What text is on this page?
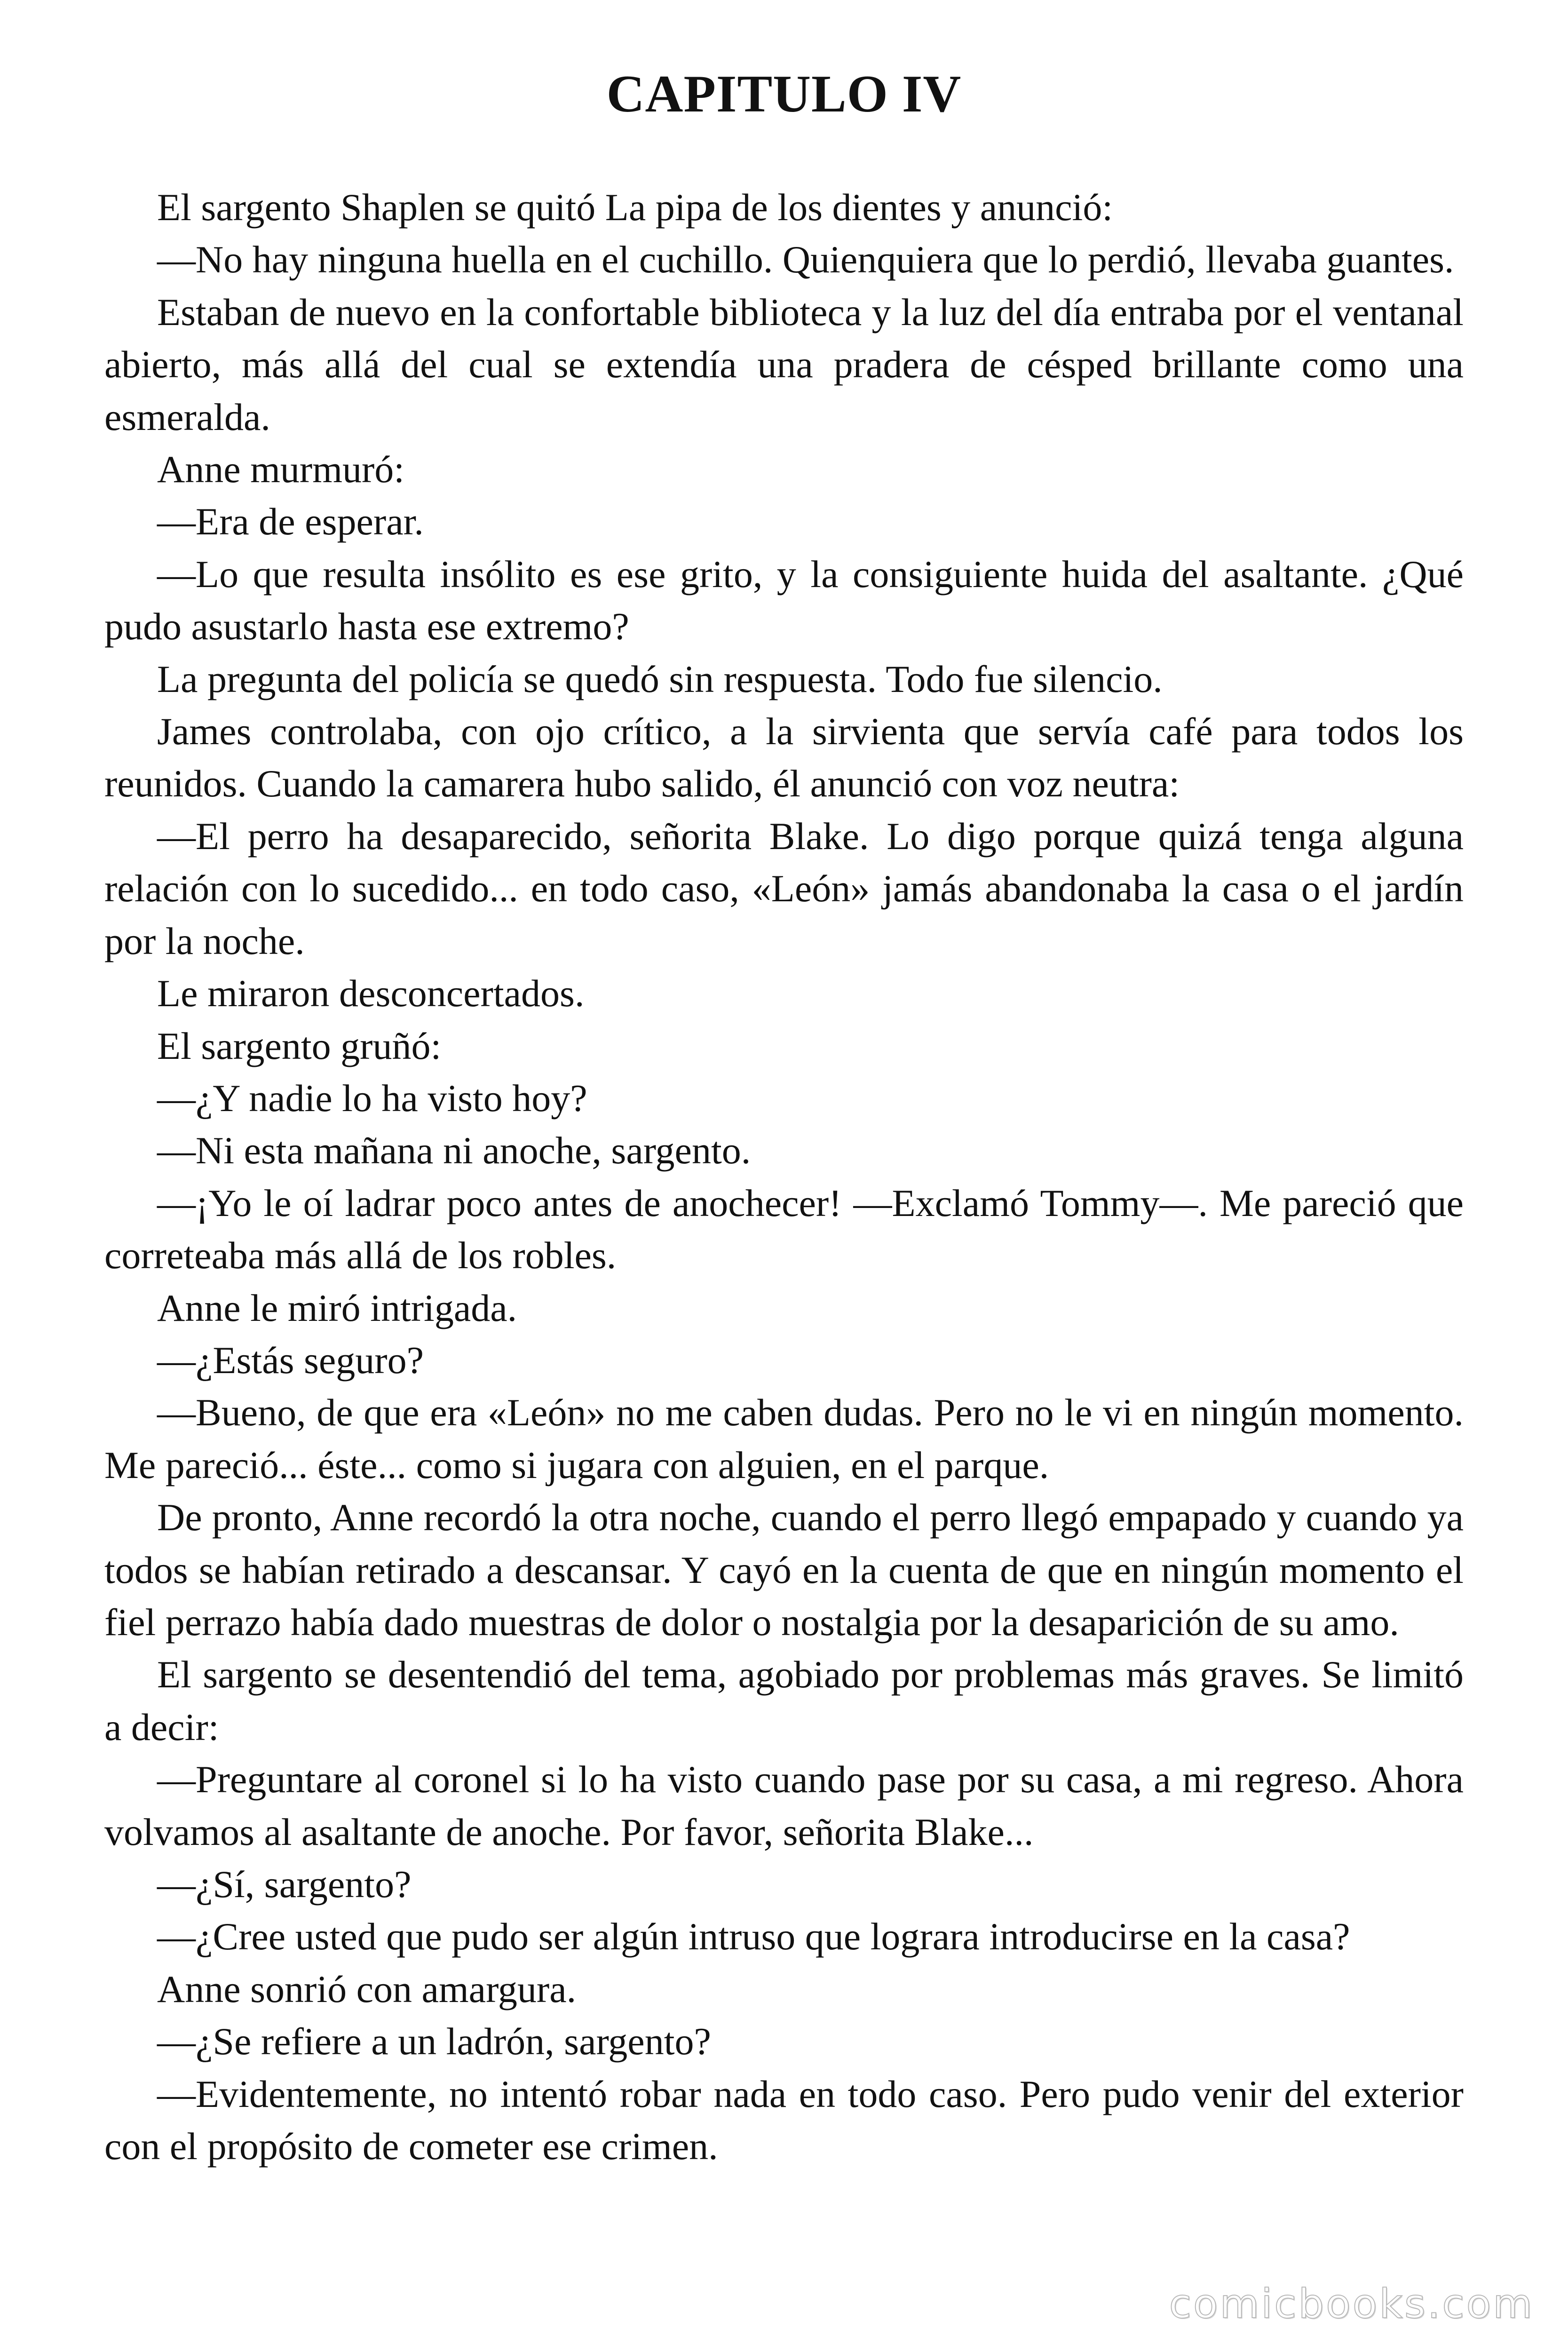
CAPITULO IV

El sargento Shaplen se quitó La pipa de los dientes y anunció:

—No hay ninguna huella en el cuchillo. Quienquiera que lo perdió, llevaba guantes.

Estaban de nuevo en la confortable biblioteca y la luz del día entraba por el ventanal abierto, más allá del cual se extendía una pradera de césped brillante como una esmeralda.

Anne murmuró:

—Era de esperar.

—Lo que resulta insólito es ese grito, y la consiguiente huida del asaltante. ¿Qué pudo asustarlo hasta ese extremo?

La pregunta del policía se quedó sin respuesta. Todo fue silencio.

James controlaba, con ojo crítico, a la sirvienta que servía café para todos los reunidos. Cuando la camarera hubo salido, él anunció con voz neutra:

—El perro ha desaparecido, señorita Blake. Lo digo porque quizá tenga alguna relación con lo sucedido... en todo caso, «León» jamás abandonaba la casa o el jardín por la noche.

Le miraron desconcertados.

El sargento gruñó:

—¿Y nadie lo ha visto hoy?

—Ni esta mañana ni anoche, sargento.

—¡Yo le oí ladrar poco antes de anochecer! —Exclamó Tommy—. Me pareció que correteaba más allá de los robles.

Anne le miró intrigada.

—¿Estás seguro?

—Bueno, de que era «León» no me caben dudas. Pero no le vi en ningún momento. Me pareció... éste... como si jugara con alguien, en el parque.

De pronto, Anne recordó la otra noche, cuando el perro llegó empapado y cuando ya todos se habían retirado a descansar. Y cayó en la cuenta de que en ningún momento el fiel perrazo había dado muestras de dolor o nostalgia por la desaparición de su amo.

El sargento se desentendió del tema, agobiado por problemas más graves. Se limitó a decir:

—Preguntare al coronel si lo ha visto cuando pase por su casa, a mi regreso. Ahora volvamos al asaltante de anoche. Por favor, señorita Blake...

—¿Sí, sargento?

—¿Cree usted que pudo ser algún intruso que lograra introducirse en la casa?

Anne sonrió con amargura.

—¿Se refiere a un ladrón, sargento?

—Evidentemente, no intentó robar nada en todo caso. Pero pudo venir del exterior con el propósito de cometer ese crimen.

comicbooks.com
